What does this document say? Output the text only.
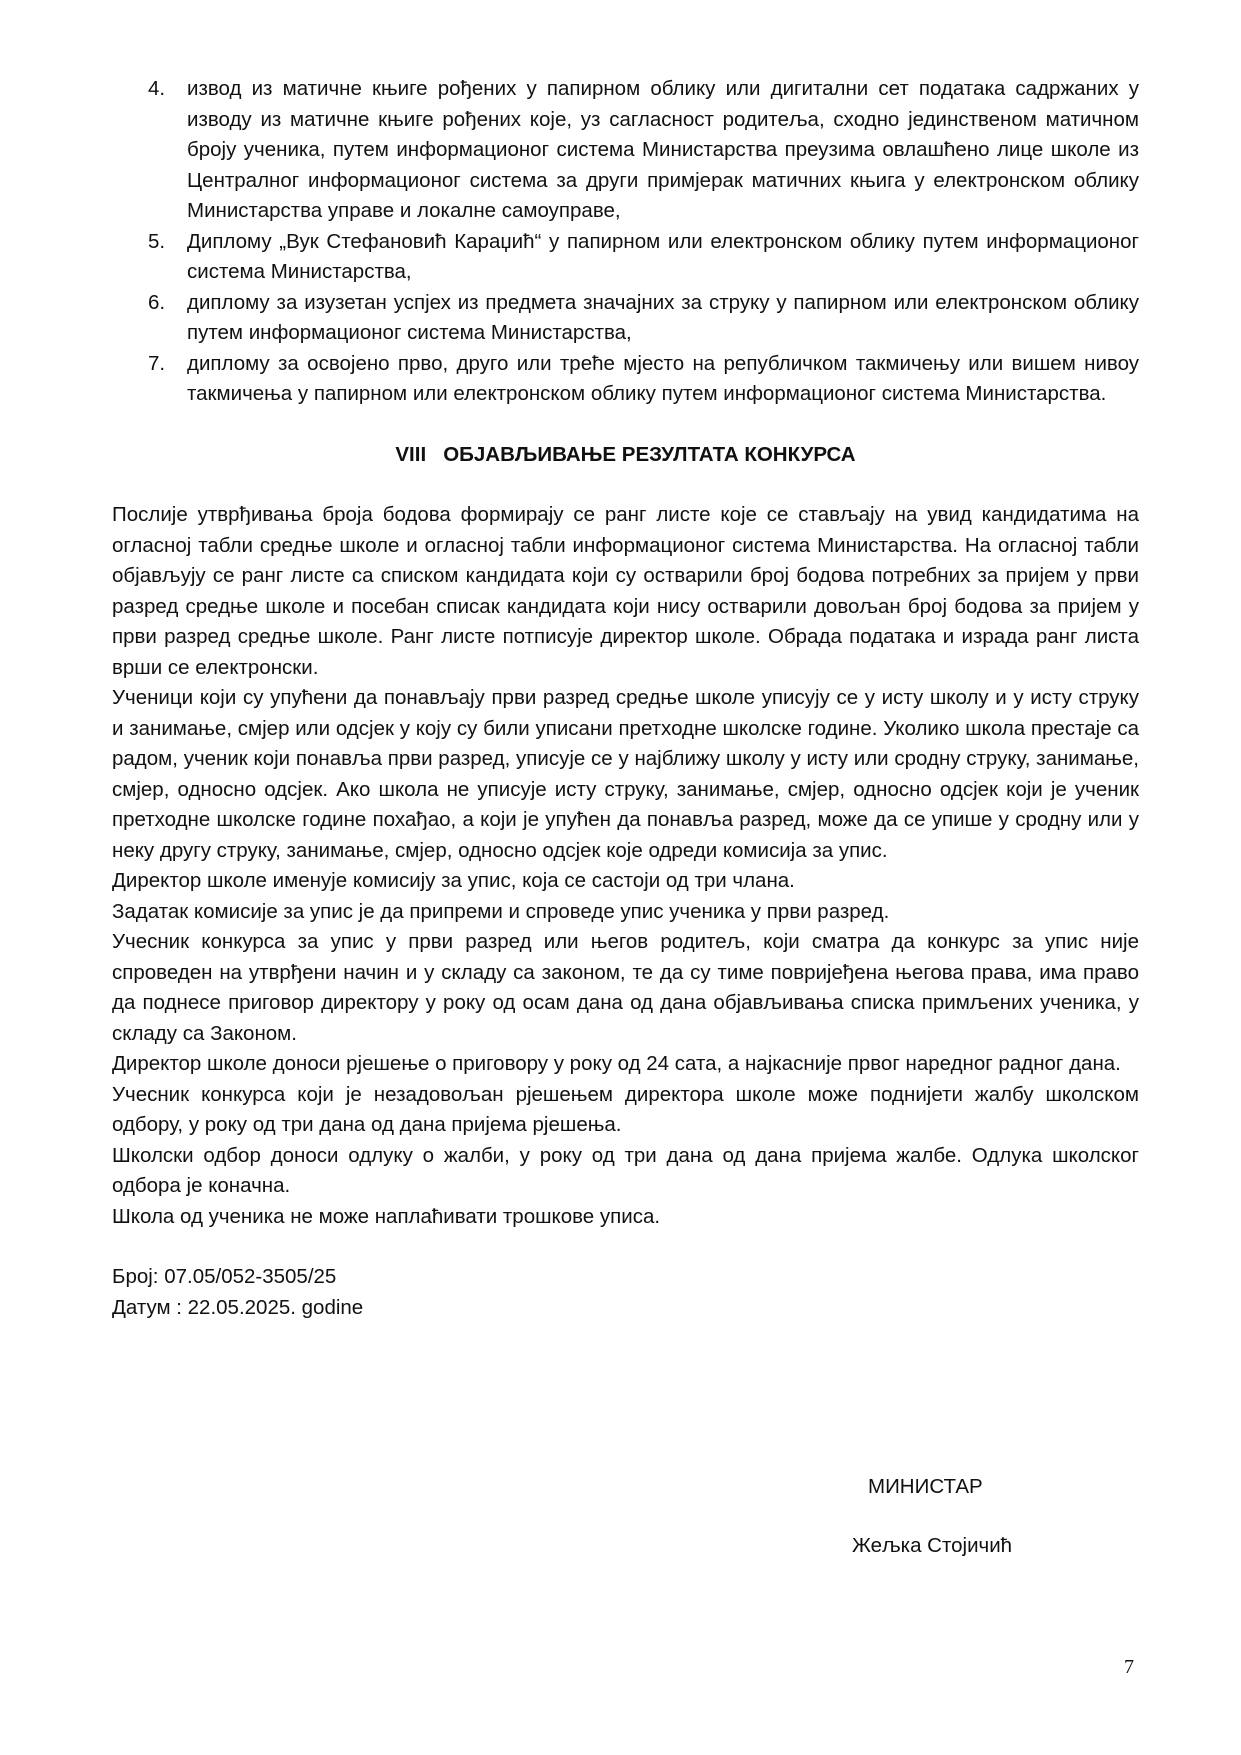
4. извод из матичне књиге рођених у папирном облику или дигитални сет података садржаних у изводу из матичне књиге рођених које, уз сагласност родитеља, сходно јединственом матичном броју ученика, путем информационог система Министарства преузима овлашћено лице школе из Централног информационог система за други примјерак матичних књига у електронском облику Министарства управе и локалне самоуправе,
5. Диплому „Вук Стефановић Караџић“ у папирном или електронском облику путем информационог система Министарства,
6. диплому за изузетан успјех из предмета значајних за струку у папирном или електронском облику путем информационог система Министарства,
7. диплому за освојено прво, друго или треће мјесто на републичком такмичењу или вишем нивоу такмичења у папирном или електронском облику путем информационог система Министарства.
VIII   ОБЈАВЉИВАЊЕ РЕЗУЛТАТА КОНКУРСА

Послије утврђивања броја бодова формирају се ранг листе које се стављају на увид кандидатима на огласној табли средње школе и огласној табли информационог система Министарства. На огласној табли објављују се ранг листе са списком кандидата који су остварили број бодова потребних за пријем у први разред средње школе и посебан списак кандидата који нису остварили довољан број бодова за пријем у први разред средње школе. Ранг листе потписује директор школе. Обрада података и израда ранг листа врши се електронски.

Ученици који су упућени да понављају први разред средње школе уписују се у исту школу и у исту струку и занимање, смјер или одсјек у коју су били уписани претходне школске године. Уколико школа престаје са радом, ученик који понавља први разред, уписује се у најближу школу у исту или сродну струку, занимање, смјер, односно одсјек. Ако школа не уписује исту струку, занимање, смјер, односно одсјек који је ученик претходне школске године похађао, а који је упућен да понавља разред, може да се упише у сродну или у неку другу струку, занимање, смјер, односно одсјек које одреди комисија за упис.

Директор школе именује комисију за упис, која се састоји од три члана.

Задатак комисије за упис је да припреми и спроведе упис ученика у први разред.

Учесник конкурса за упис у први разред или његов родитељ, који сматра да конкурс за упис није спроведен на утврђени начин и у складу са законом, те да су тиме повријеђена његова права, има право да поднесе приговор директору у року од осам дана од дана објављивања списка примљених ученика, у складу са Законом.

Директор школе доноси рјешење о приговору у року од 24 сата, а најкасније првог наредног радног дана.

Учесник конкурса који је незадовољан рјешењем директора школе може поднијети жалбу школском одбору, у року од три дана од дана пријема рјешења.

Школски одбор доноси одлуку о жалби, у року од три дана од дана пријема жалбе. Одлука школског одбора је коначна.

Школа од ученика не може наплаћивати трошкове уписа.

Број: 07.05/052-3505/25

Датум : 22.05.2025. godine

МИНИСТАР
Жељка Стојичић
7
